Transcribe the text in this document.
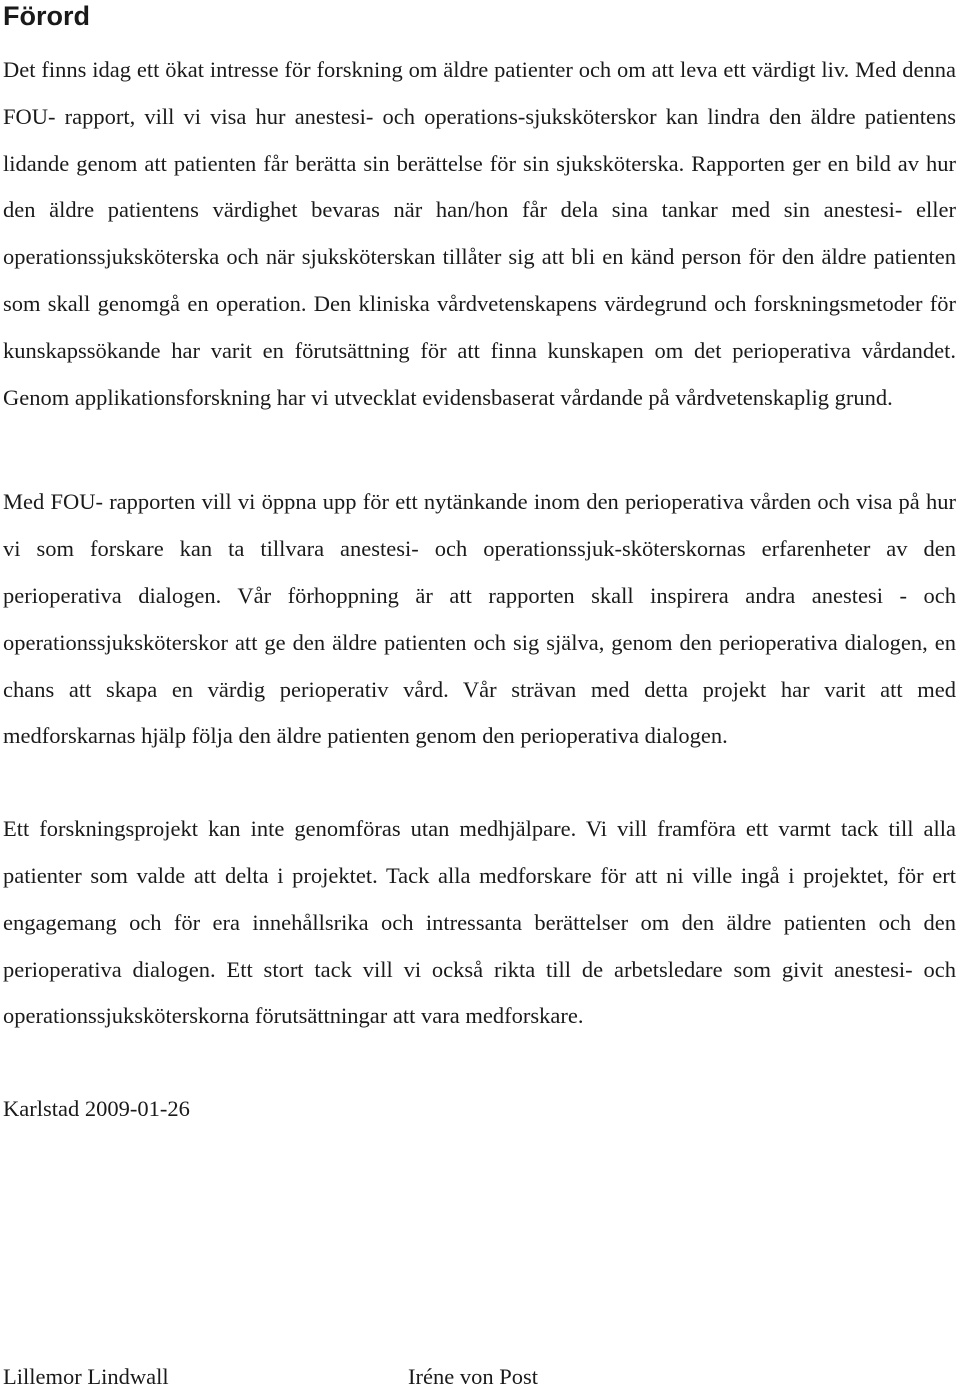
Förord

Det finns idag ett ökat intresse för forskning om äldre patienter och om att leva ett värdigt liv. Med denna FOU- rapport, vill vi visa hur anestesi- och operations-sjuksköterskor kan lindra den äldre patientens lidande genom att patienten får berätta sin berättelse för sin sjuksköterska. Rapporten ger en bild av hur den äldre patientens värdighet bevaras när han/hon får dela sina tankar med sin anestesi- eller operationssjuksköterska och när sjuksköterskan tillåter sig att bli en känd person för den äldre patienten som skall genomgå en operation. Den kliniska vårdvetenskapens värdegrund och forskningsmetoder för kunskapssökande har varit en förutsättning för att finna kunskapen om det perioperativa vårdandet. Genom applikationsforskning har vi utvecklat evidensbaserat vårdande på vårdvetenskaplig grund.

Med FOU- rapporten vill vi öppna upp för ett nytänkande inom den perioperativa vården och visa på hur vi som forskare kan ta tillvara anestesi- och operationssjuk-sköterskornas erfarenheter av den perioperativa dialogen. Vår förhoppning är att rapporten skall inspirera andra anestesi - och operationssjuksköterskor att ge den äldre patienten och sig själva, genom den perioperativa dialogen, en chans att skapa en värdig perioperativ vård. Vår strävan med detta projekt har varit att med medforskarnas hjälp följa den äldre patienten genom den perioperativa dialogen.

Ett forskningsprojekt kan inte genomföras utan medhjälpare. Vi vill framföra ett varmt tack till alla patienter som valde att delta i projektet. Tack alla medforskare för att ni ville ingå i projektet, för ert engagemang och för era innehållsrika och intressanta berättelser om den äldre patienten och den perioperativa dialogen. Ett stort tack vill vi också rikta till de arbetsledare som givit anestesi- och operationssjuksköterskorna förutsättningar att vara medforskare.

Karlstad 2009-01-26

Lillemor Lindwall	Iréne von Post
